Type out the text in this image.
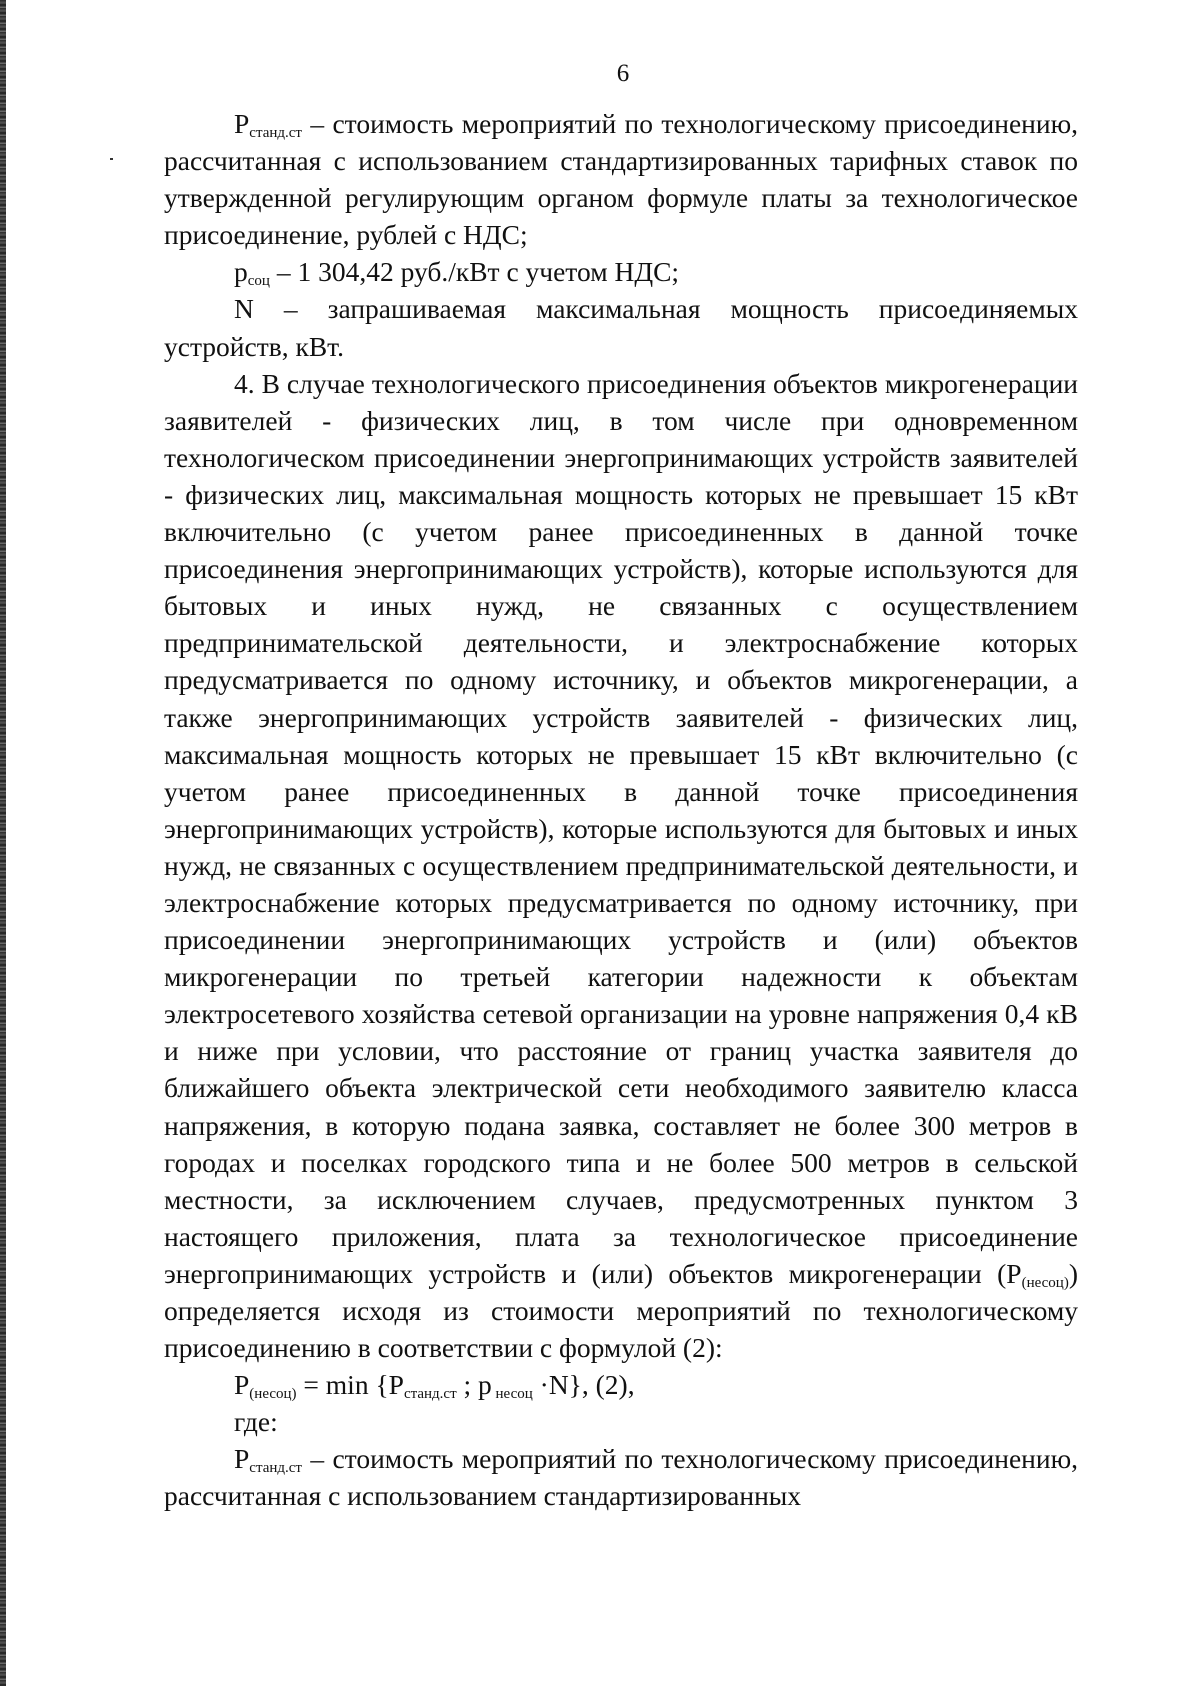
6

$P_{станд.ст}$ – стоимость мероприятий по технологическому присоединению, рассчитанная с использованием стандартизированных тарифных ставок по утвержденной регулирующим органом формуле платы за технологическое присоединение, рублей с НДС;

$p_{соц} - 1$ 304,42 руб./кВт с учетом НДС;

N – запрашиваемая максимальная мощность присоединяемых устройств, кВт.

4. В случае технологического присоединения объектов микрогенерации заявителей - физических лиц, в том числе при одновременном технологическом присоединении энергопринимающих устройств заявителей - физических лиц, максимальная мощность которых не превышает 15 кВт включительно (с учетом ранее присоединенных в данной точке присоединения энергопринимающих устройств), которые используются для бытовых и иных нужд, не связанных с осуществлением предпринимательской деятельности, и электроснабжение которых предусматривается по одному источнику, и объектов микрогенерации, а также энергопринимающих устройств заявителей - физических лиц, максимальная мощность которых не превышает 15 кВт включительно (с учетом ранее присоединенных в данной точке присоединения энергопринимающих устройств), которые используются для бытовых и иных нужд, не связанных с осуществлением предпринимательской деятельности, и электроснабжение которых предусматривается по одному источнику, при присоединении энергопринимающих устройств и (или) объектов микрогенерации по третьей категории надежности к объектам электросетевого хозяйства сетевой организации на уровне напряжения 0,4 кВ и ниже при условии, что расстояние от границ участка заявителя до ближайшего объекта электрической сети необходимого заявителю класса напряжения, в которую подана заявка, составляет не более 300 метров в городах и поселках городского типа и не более 500 метров в сельской местности, за исключением случаев, предусмотренных пунктом 3 настоящего приложения, плата за технологическое присоединение энергопринимающих устройств и (или) объектов микрогенерации $(P_{(несоц)})$ определяется исходя из стоимости мероприятий по технологическому присоединению в соответствии с формулой (2):

$P_{(несоц)} = \min \{P_{станд.ст}$ ; p $_{несоц}$ ·N}, (2),

где:

$P_{станд.ст}$ – стоимость мероприятий по технологическому присоединению, рассчитанная с использованием стандартизированных
